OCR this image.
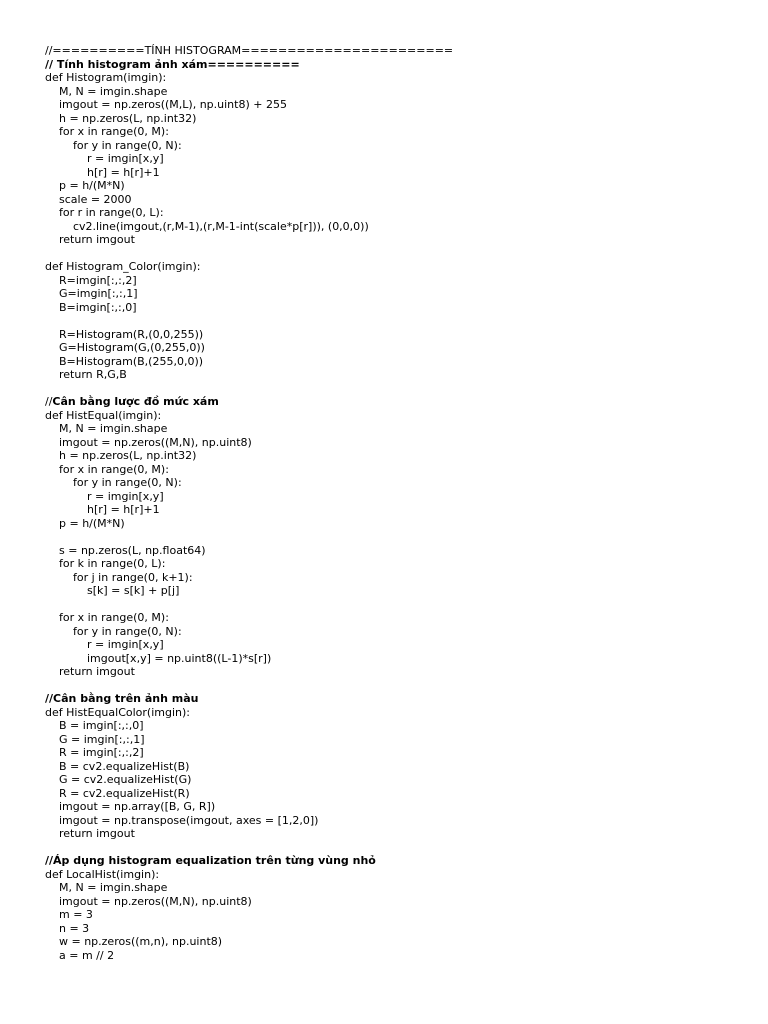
//==========TÍNH HISTOGRAM=======================
// Tính histogram ảnh xám==========
def Histogram(imgin):
M, N = imgin.shape
imgout = np.zeros((M,L), np.uint8) + 255
h = np.zeros(L, np.int32)
for x in range(0, M):
for y in range(0, N):
r = imgin[x,y]
h[r] = h[r]+1
p = h/(M*N)
scale = 2000
for r in range(0, L):
cv2.line(imgout,(r,M-1),(r,M-1-int(scale*p[r])), (0,0,0))
return imgout
def Histogram_Color(imgin):
R=imgin[:,:,2]
G=imgin[:,:,1]
B=imgin[:,:,0]
R=Histogram(R,(0,0,255))
G=Histogram(G,(0,255,0))
B=Histogram(B,(255,0,0))
return R,G,B
//Cân bằng lược đồ mức xám
def HistEqual(imgin):
M, N = imgin.shape
imgout = np.zeros((M,N), np.uint8)
h = np.zeros(L, np.int32)
for x in range(0, M):
for y in range(0, N):
r = imgin[x,y]
h[r] = h[r]+1
p = h/(M*N)
s = np.zeros(L, np.float64)
for k in range(0, L):
for j in range(0, k+1):
s[k] = s[k] + p[j]
for x in range(0, M):
for y in range(0, N):
r = imgin[x,y]
imgout[x,y] = np.uint8((L-1)*s[r])
return imgout
//Cân bằng trên ảnh màu
def HistEqualColor(imgin):
B = imgin[:,:,0]
G = imgin[:,:,1]
R = imgin[:,:,2]
B = cv2.equalizeHist(B)
G = cv2.equalizeHist(G)
R = cv2.equalizeHist(R)
imgout = np.array([B, G, R])
imgout = np.transpose(imgout, axes = [1,2,0])
return imgout
//Áp dụng histogram equalization trên từng vùng nhỏ
def LocalHist(imgin):
M, N = imgin.shape
imgout = np.zeros((M,N), np.uint8)
m = 3
n = 3
w = np.zeros((m,n), np.uint8)
a = m // 2
